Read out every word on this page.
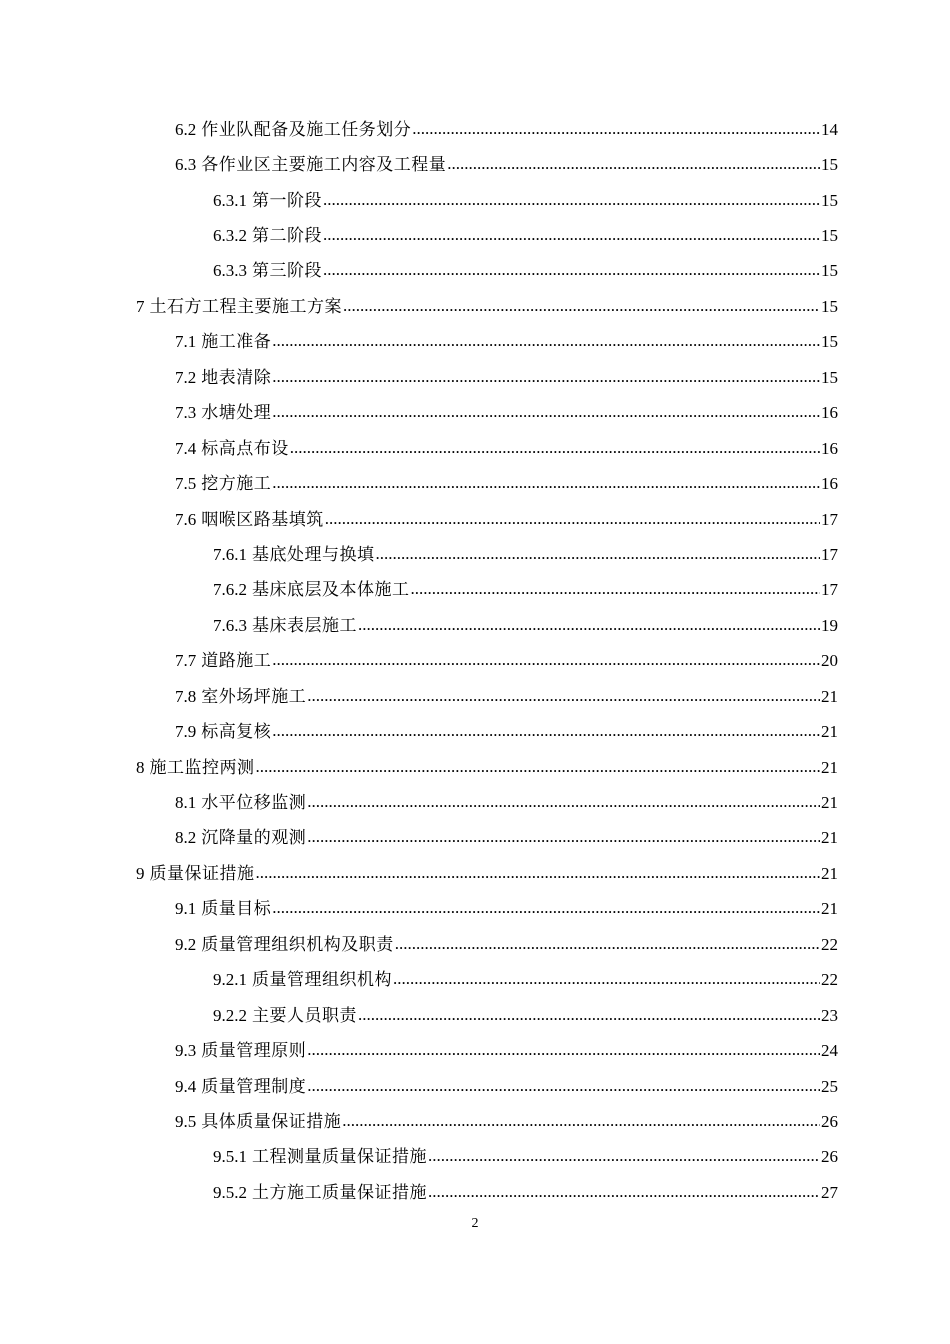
6.2 作业队配备及施工任务划分 .....	14
6.3 各作业区主要施工内容及工程量 .....	15
6.3.1 第一阶段 .....	15
6.3.2 第二阶段 .....	15
6.3.3 第三阶段 .....	15
7 土石方工程主要施工方案 .....	15
7.1 施工准备 .....	15
7.2 地表清除 .....	15
7.3 水塘处理 .....	16
7.4 标高点布设 .....	16
7.5 挖方施工 .....	16
7.6 咽喉区路基填筑 .....	17
7.6.1 基底处理与换填 .....	17
7.6.2 基床底层及本体施工 .....	17
7.6.3 基床表层施工 .....	19
7.7 道路施工 .....	20
7.8 室外场坪施工 .....	21
7.9 标高复核 .....	21
8 施工监控两测 .....	21
8.1 水平位移监测 .....	21
8.2 沉降量的观测 .....	21
9 质量保证措施 .....	21
9.1 质量目标 .....	21
9.2 质量管理组织机构及职责 .....	22
9.2.1 质量管理组织机构 .....	22
9.2.2 主要人员职责 .....	23
9.3 质量管理原则 .....	24
9.4 质量管理制度 .....	25
9.5 具体质量保证措施 .....	26
9.5.1 工程测量质量保证措施 .....	26
9.5.2 土方施工质量保证措施 .....	27
2
